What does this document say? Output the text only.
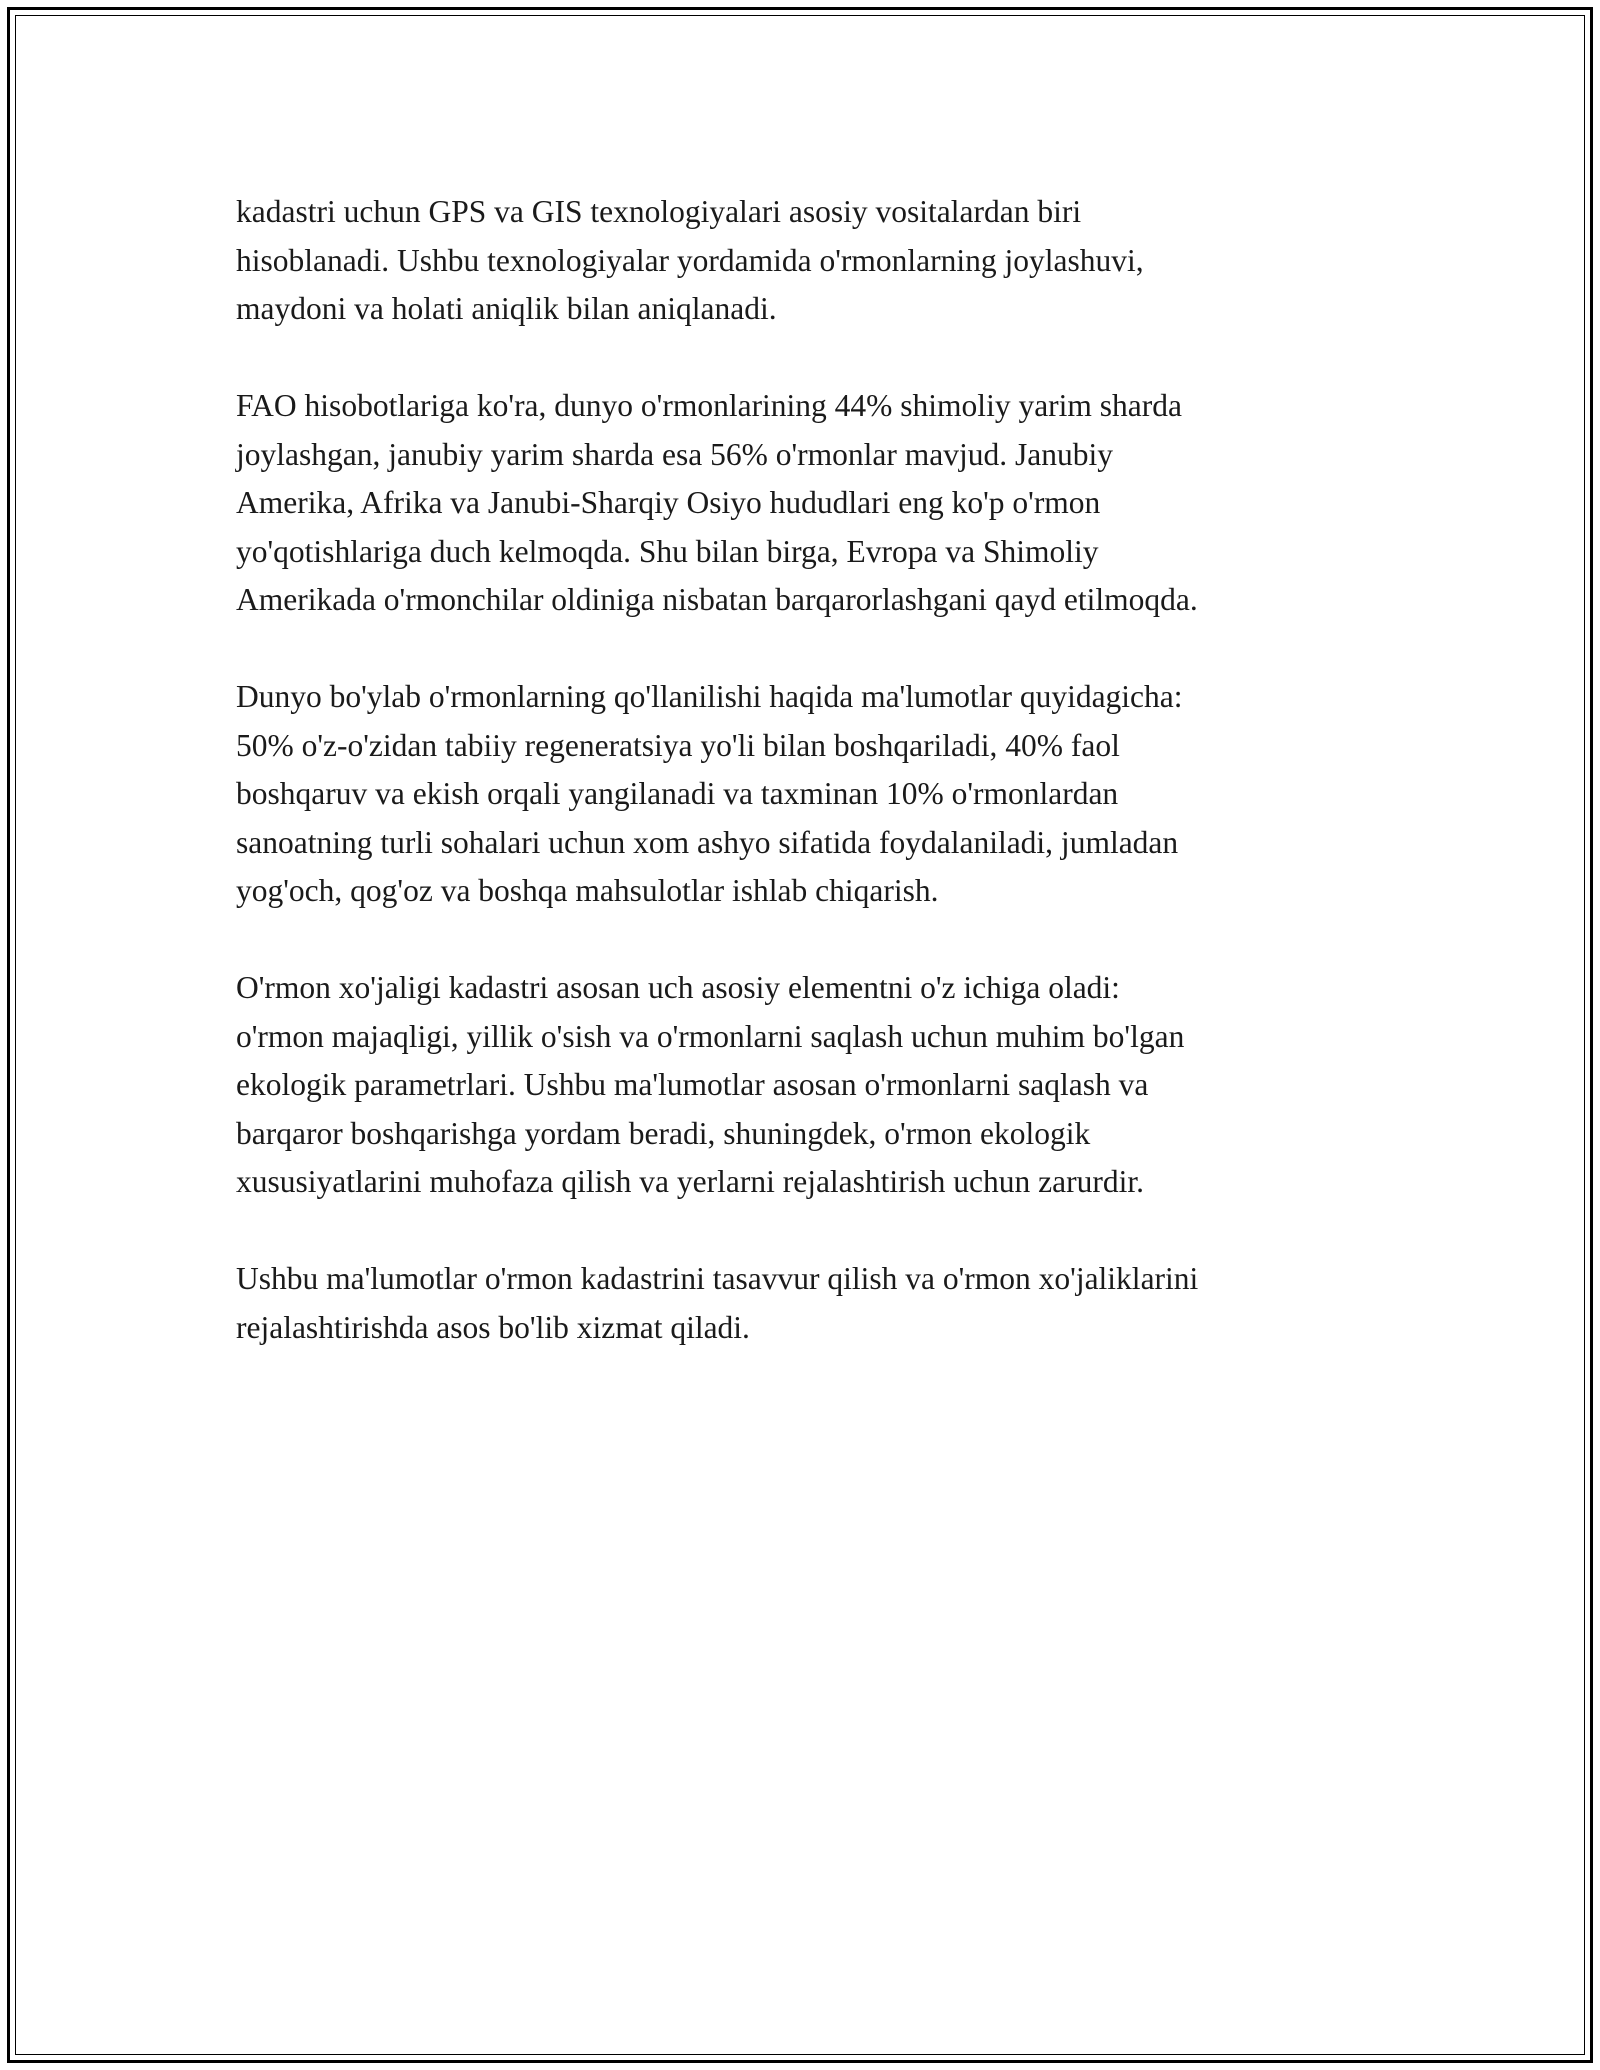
kadastri uchun GPS va GIS texnologiyalari asosiy vositalardan biri
hisoblanadi. Ushbu texnologiyalar yordamida o'rmonlarning joylashuvi,
maydoni va holati aniqlik bilan aniqlanadi.

FAO hisobotlariga ko'ra, dunyo o'rmonlarining 44% shimoliy yarim sharda
joylashgan, janubiy yarim sharda esa 56% o'rmonlar mavjud. Janubiy
Amerika, Afrika va Janubi-Sharqiy Osiyo hududlari eng ko'p o'rmon
yo'qotishlariga duch kelmoqda. Shu bilan birga, Evropa va Shimoliy
Amerikada o'rmonchilar oldiniga nisbatan barqarorlashgani qayd etilmoqda.

Dunyo bo'ylab o'rmonlarning qo'llanilishi haqida ma'lumotlar quyidagicha:
50% o'z-o'zidan tabiiy regeneratsiya yo'li bilan boshqariladi, 40% faol
boshqaruv va ekish orqali yangilanadi va taxminan 10% o'rmonlardan
sanoatning turli sohalari uchun xom ashyo sifatida foydalaniladi, jumladan
yog'och, qog'oz va boshqa mahsulotlar ishlab chiqarish.

O'rmon xo'jaligi kadastri asosan uch asosiy elementni o'z ichiga oladi:
o'rmon majaqligi, yillik o'sish va o'rmonlarni saqlash uchun muhim bo'lgan
ekologik parametrlari. Ushbu ma'lumotlar asosan o'rmonlarni saqlash va
barqaror boshqarishga yordam beradi, shuningdek, o'rmon ekologik
xususiyatlarini muhofaza qilish va yerlarni rejalashtirish uchun zarurdir.

Ushbu ma'lumotlar o'rmon kadastrini tasavvur qilish va o'rmon xo'jaliklarini
rejalashtirishda asos bo'lib xizmat qiladi.
